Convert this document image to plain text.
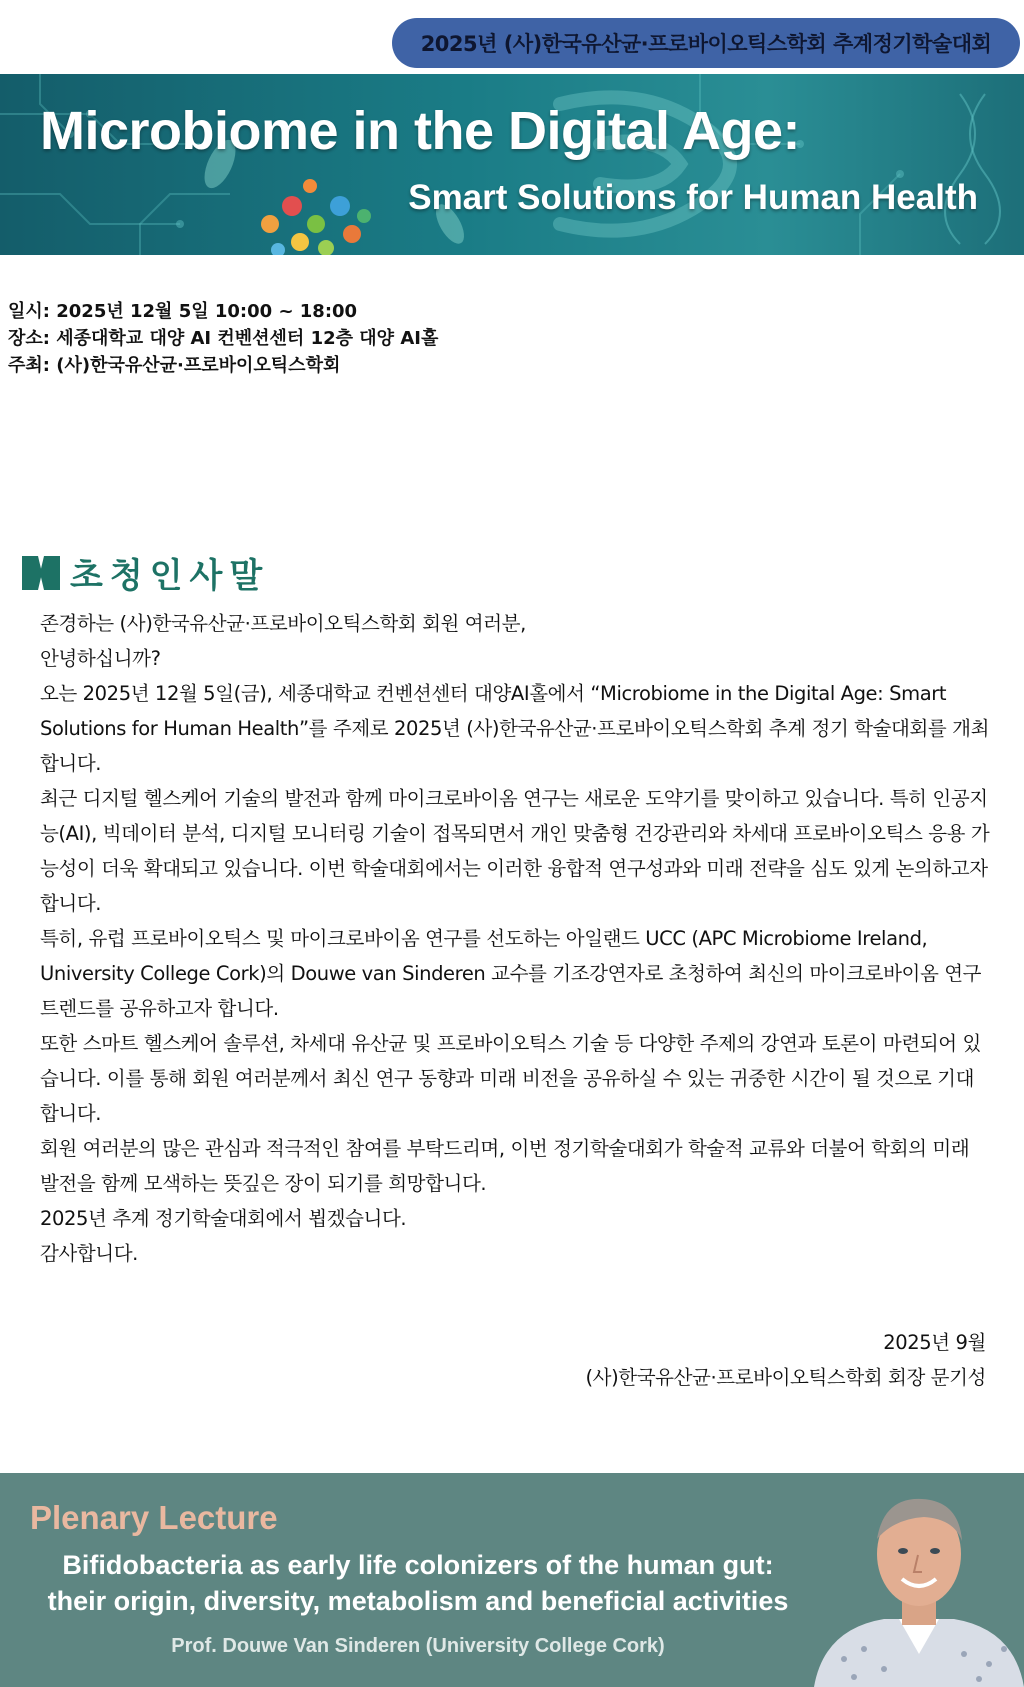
2025년 (사)한국유산균·프로바이오틱스학회 추계정기학술대회
Microbiome in the Digital Age:
Smart Solutions for Human Health
일시: 2025년 12월 5일 10:00 ~ 18:00
장소: 세종대학교 대양 AI 컨벤션센터 12층 대양 AI홀
주최: (사)한국유산균·프로바이오틱스학회
초청인사말

존경하는 (사)한국유산균·프로바이오틱스학회 회원 여러분,

안녕하십니까?

오는 2025년 12월 5일(금), 세종대학교 컨벤션센터 대양AI홀에서 “Microbiome in the Digital Age: Smart Solutions for Human Health”를 주제로 2025년 (사)한국유산균·프로바이오틱스학회 추계 정기 학술대회를 개최합니다.

최근 디지털 헬스케어 기술의 발전과 함께 마이크로바이옴 연구는 새로운 도약기를 맞이하고 있습니다. 특히 인공지능(AI), 빅데이터 분석, 디지털 모니터링 기술이 접목되면서 개인 맞춤형 건강관리와 차세대 프로바이오틱스 응용 가능성이 더욱 확대되고 있습니다. 이번 학술대회에서는 이러한 융합적 연구성과와 미래 전략을 심도 있게 논의하고자 합니다.

특히, 유럽 프로바이오틱스 및 마이크로바이옴 연구를 선도하는 아일랜드 UCC (APC Microbiome Ireland, University College Cork)의 Douwe van Sinderen 교수를 기조강연자로 초청하여 최신의 마이크로바이옴 연구 트렌드를 공유하고자 합니다.

또한 스마트 헬스케어 솔루션, 차세대 유산균 및 프로바이오틱스 기술 등 다양한 주제의 강연과 토론이 마련되어 있습니다. 이를 통해 회원 여러분께서 최신 연구 동향과 미래 비전을 공유하실 수 있는 귀중한 시간이 될 것으로 기대합니다.

회원 여러분의 많은 관심과 적극적인 참여를 부탁드리며, 이번 정기학술대회가 학술적 교류와 더불어 학회의 미래 발전을 함께 모색하는 뜻깊은 장이 되기를 희망합니다.

2025년 추계 정기학술대회에서 뵙겠습니다.

감사합니다.

2025년 9월
(사)한국유산균·프로바이오틱스학회 회장 문기성
Plenary Lecture
Bifidobacteria as early life colonizers of the human gut:
their origin, diversity, metabolism and beneficial activities
Prof. Douwe Van Sinderen (University College Cork)
